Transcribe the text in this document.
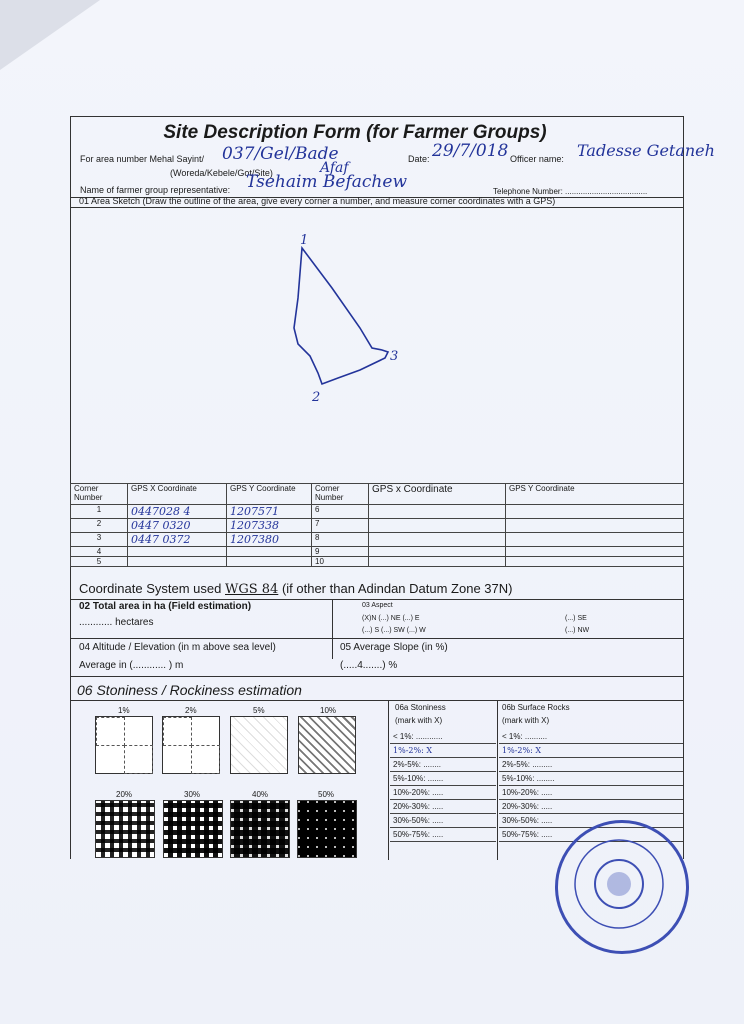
Site Description Form (for Farmer Groups)
For area number Mehal Sayint/ 037/Gel/Bade
(Woreda/Kebele/Got/Site)	Afaf
Date: 29/7/018 Officer name: Tadesse Getaneh
Name of farmer group representative: Tsehaim Befachew	Telephone Number: .....................................
01 Area Sketch (Draw the outline of the area, give every corner a number, and measure corner coordinates with a GPS)
1
2
3
Corner Number	GPS X Coordinate	GPS Y Coordinate	Corner Number	GPS x Coordinate	GPS Y Coordinate
1	0447028 4	1207571	6		
2	0447 0320	1207338	7		
3	0447 0372	1207380	8		
4			9		
5			10		
Coordinate System used WGS 84 (if other than Adindan Datum Zone 37N)
02 Total area in ha (Field estimation)
............ hectares
03 Aspect
(X)N (...) NE (...) E
(...) S (...) SW (...) W
(...) SE
(...) NW
04 Altitude / Elevation (in m above sea level)
Average in (............ ) m
05 Average Slope (in %)
(.....4.......) %
06 Stoniness / Rockiness estimation
1%	2%	5%	10%
20%	30%	40%	50%
06a Stoniness
(mark with X)
06b Surface Rocks
(mark with X)
< 1%: ............
1%-2%: X
2%-5%: ........
5%-10%: .......
10%-20%: .....
20%-30%: .....
30%-50%: .....
50%-75%: .....
< 1%: ..........
1%-2%: X
2%-5%: .........
5%-10%: ........
10%-20%: .....
20%-30%: .....
30%-50%: .....
50%-75%: .....
